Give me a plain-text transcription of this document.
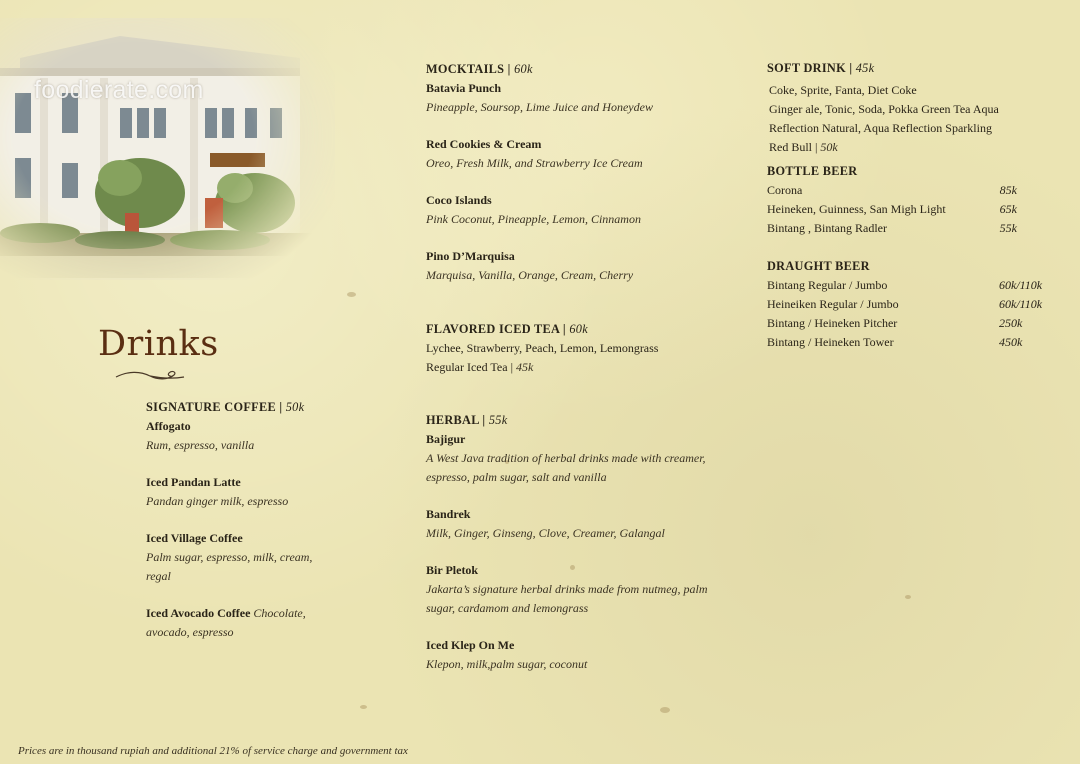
foodierate.com
Drinks
SIGNATURE COFFEE | 50k
Affogato
Rum, espresso, vanilla
Iced Pandan Latte
Pandan ginger milk, espresso
Iced Village Coffee
Palm sugar, espresso, milk, cream, regal
Iced Avocado Coffee Chocolate, avocado, espresso
MOCKTAILS | 60k
Batavia Punch
Pineapple, Soursop, Lime Juice and Honeydew
Red Cookies & Cream
Oreo, Fresh Milk, and Strawberry Ice Cream
Coco Islands
Pink Coconut, Pineapple, Lemon, Cinnamon
Pino D’Marquisa
Marquisa, Vanilla, Orange, Cream, Cherry
FLAVORED ICED TEA | 60k
Lychee, Strawberry, Peach, Lemon, Lemongrass
Regular Iced Tea | 45k
HERBAL | 55k
Bajigur
A West Java tradition of herbal drinks made with creamer, espresso, palm sugar, salt and vanilla
Bandrek
Milk, Ginger, Ginseng, Clove, Creamer, Galangal
Bir Pletok
Jakarta’s signature herbal drinks made from nutmeg, palm sugar, cardamom and lemongrass
Iced Klep On Me
Klepon, milk,palm sugar, coconut
SOFT DRINK | 45k
Coke, Sprite, Fanta, Diet Coke
Ginger ale, Tonic, Soda, Pokka Green Tea Aqua
Reflection Natural, Aqua Reflection Sparkling
Red Bull | 50k
BOTTLE BEER
Corona	85k
Heineken, Guinness, San Migh Light	65k
Bintang , Bintang Radler	55k
DRAUGHT BEER
Bintang Regular / Jumbo	60k/110k
Heineiken Regular / Jumbo	60k/110k
Bintang / Heineken Pitcher	250k
Bintang / Heineken Tower	450k
Prices are in thousand rupiah and additional 21% of service charge and government tax
